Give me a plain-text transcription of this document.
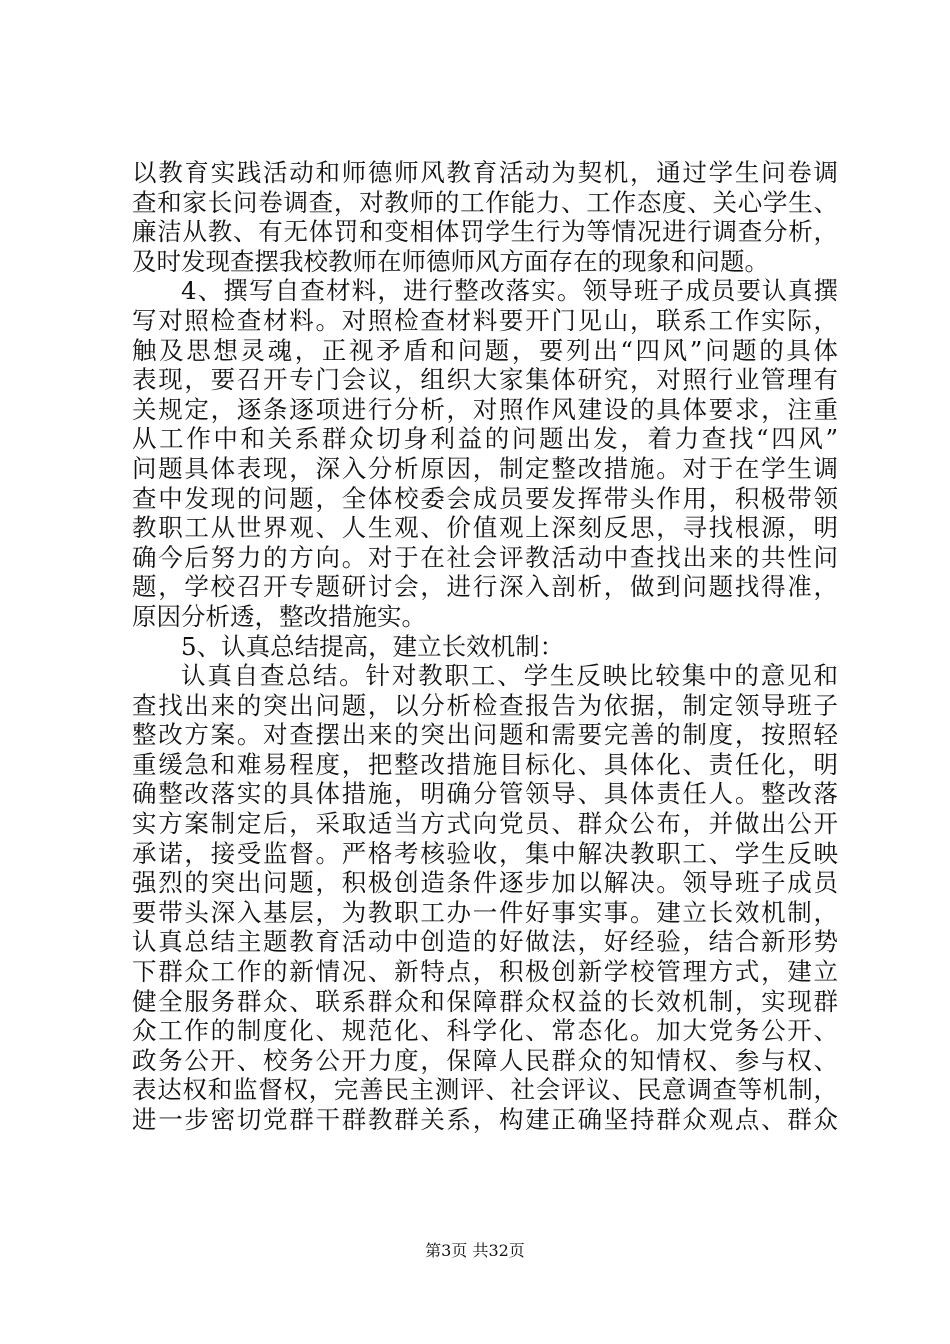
以教育实践活动和师德师风教育活动为契机，通过学生问卷调
查和家长问卷调查，对教师的工作能力、工作态度、关心学生、
廉洁从教、有无体罚和变相体罚学生行为等情况进行调查分析，
及时发现查摆我校教师在师德师风方面存在的现象和问题。
4、撰写自查材料，进行整改落实。领导班子成员要认真撰
写对照检查材料。对照检查材料要开门见山，联系工作实际，
触及思想灵魂，正视矛盾和问题，要列出“四风”问题的具体
表现，要召开专门会议，组织大家集体研究，对照行业管理有
关规定，逐条逐项进行分析，对照作风建设的具体要求，注重
从工作中和关系群众切身利益的问题出发，着力查找“四风”
问题具体表现，深入分析原因，制定整改措施。对于在学生调
查中发现的问题，全体校委会成员要发挥带头作用，积极带领
教职工从世界观、人生观、价值观上深刻反思，寻找根源，明
确今后努力的方向。对于在社会评教活动中查找出来的共性问
题，学校召开专题研讨会，进行深入剖析，做到问题找得准，
原因分析透，整改措施实。
5、认真总结提高，建立长效机制：
认真自查总结。针对教职工、学生反映比较集中的意见和
查找出来的突出问题，以分析检查报告为依据，制定领导班子
整改方案。对查摆出来的突出问题和需要完善的制度，按照轻
重缓急和难易程度，把整改措施目标化、具体化、责任化，明
确整改落实的具体措施，明确分管领导、具体责任人。整改落
实方案制定后，采取适当方式向党员、群众公布，并做出公开
承诺，接受监督。严格考核验收，集中解决教职工、学生反映
强烈的突出问题，积极创造条件逐步加以解决。领导班子成员
要带头深入基层，为教职工办一件好事实事。建立长效机制，
认真总结主题教育活动中创造的好做法，好经验，结合新形势
下群众工作的新情况、新特点，积极创新学校管理方式，建立
健全服务群众、联系群众和保障群众权益的长效机制，实现群
众工作的制度化、规范化、科学化、常态化。加大党务公开、
政务公开、校务公开力度，保障人民群众的知情权、参与权、
表达权和监督权，完善民主测评、社会评议、民意调查等机制，
进一步密切党群干群教群关系，构建正确坚持群众观点、群众
第3页 共32页
